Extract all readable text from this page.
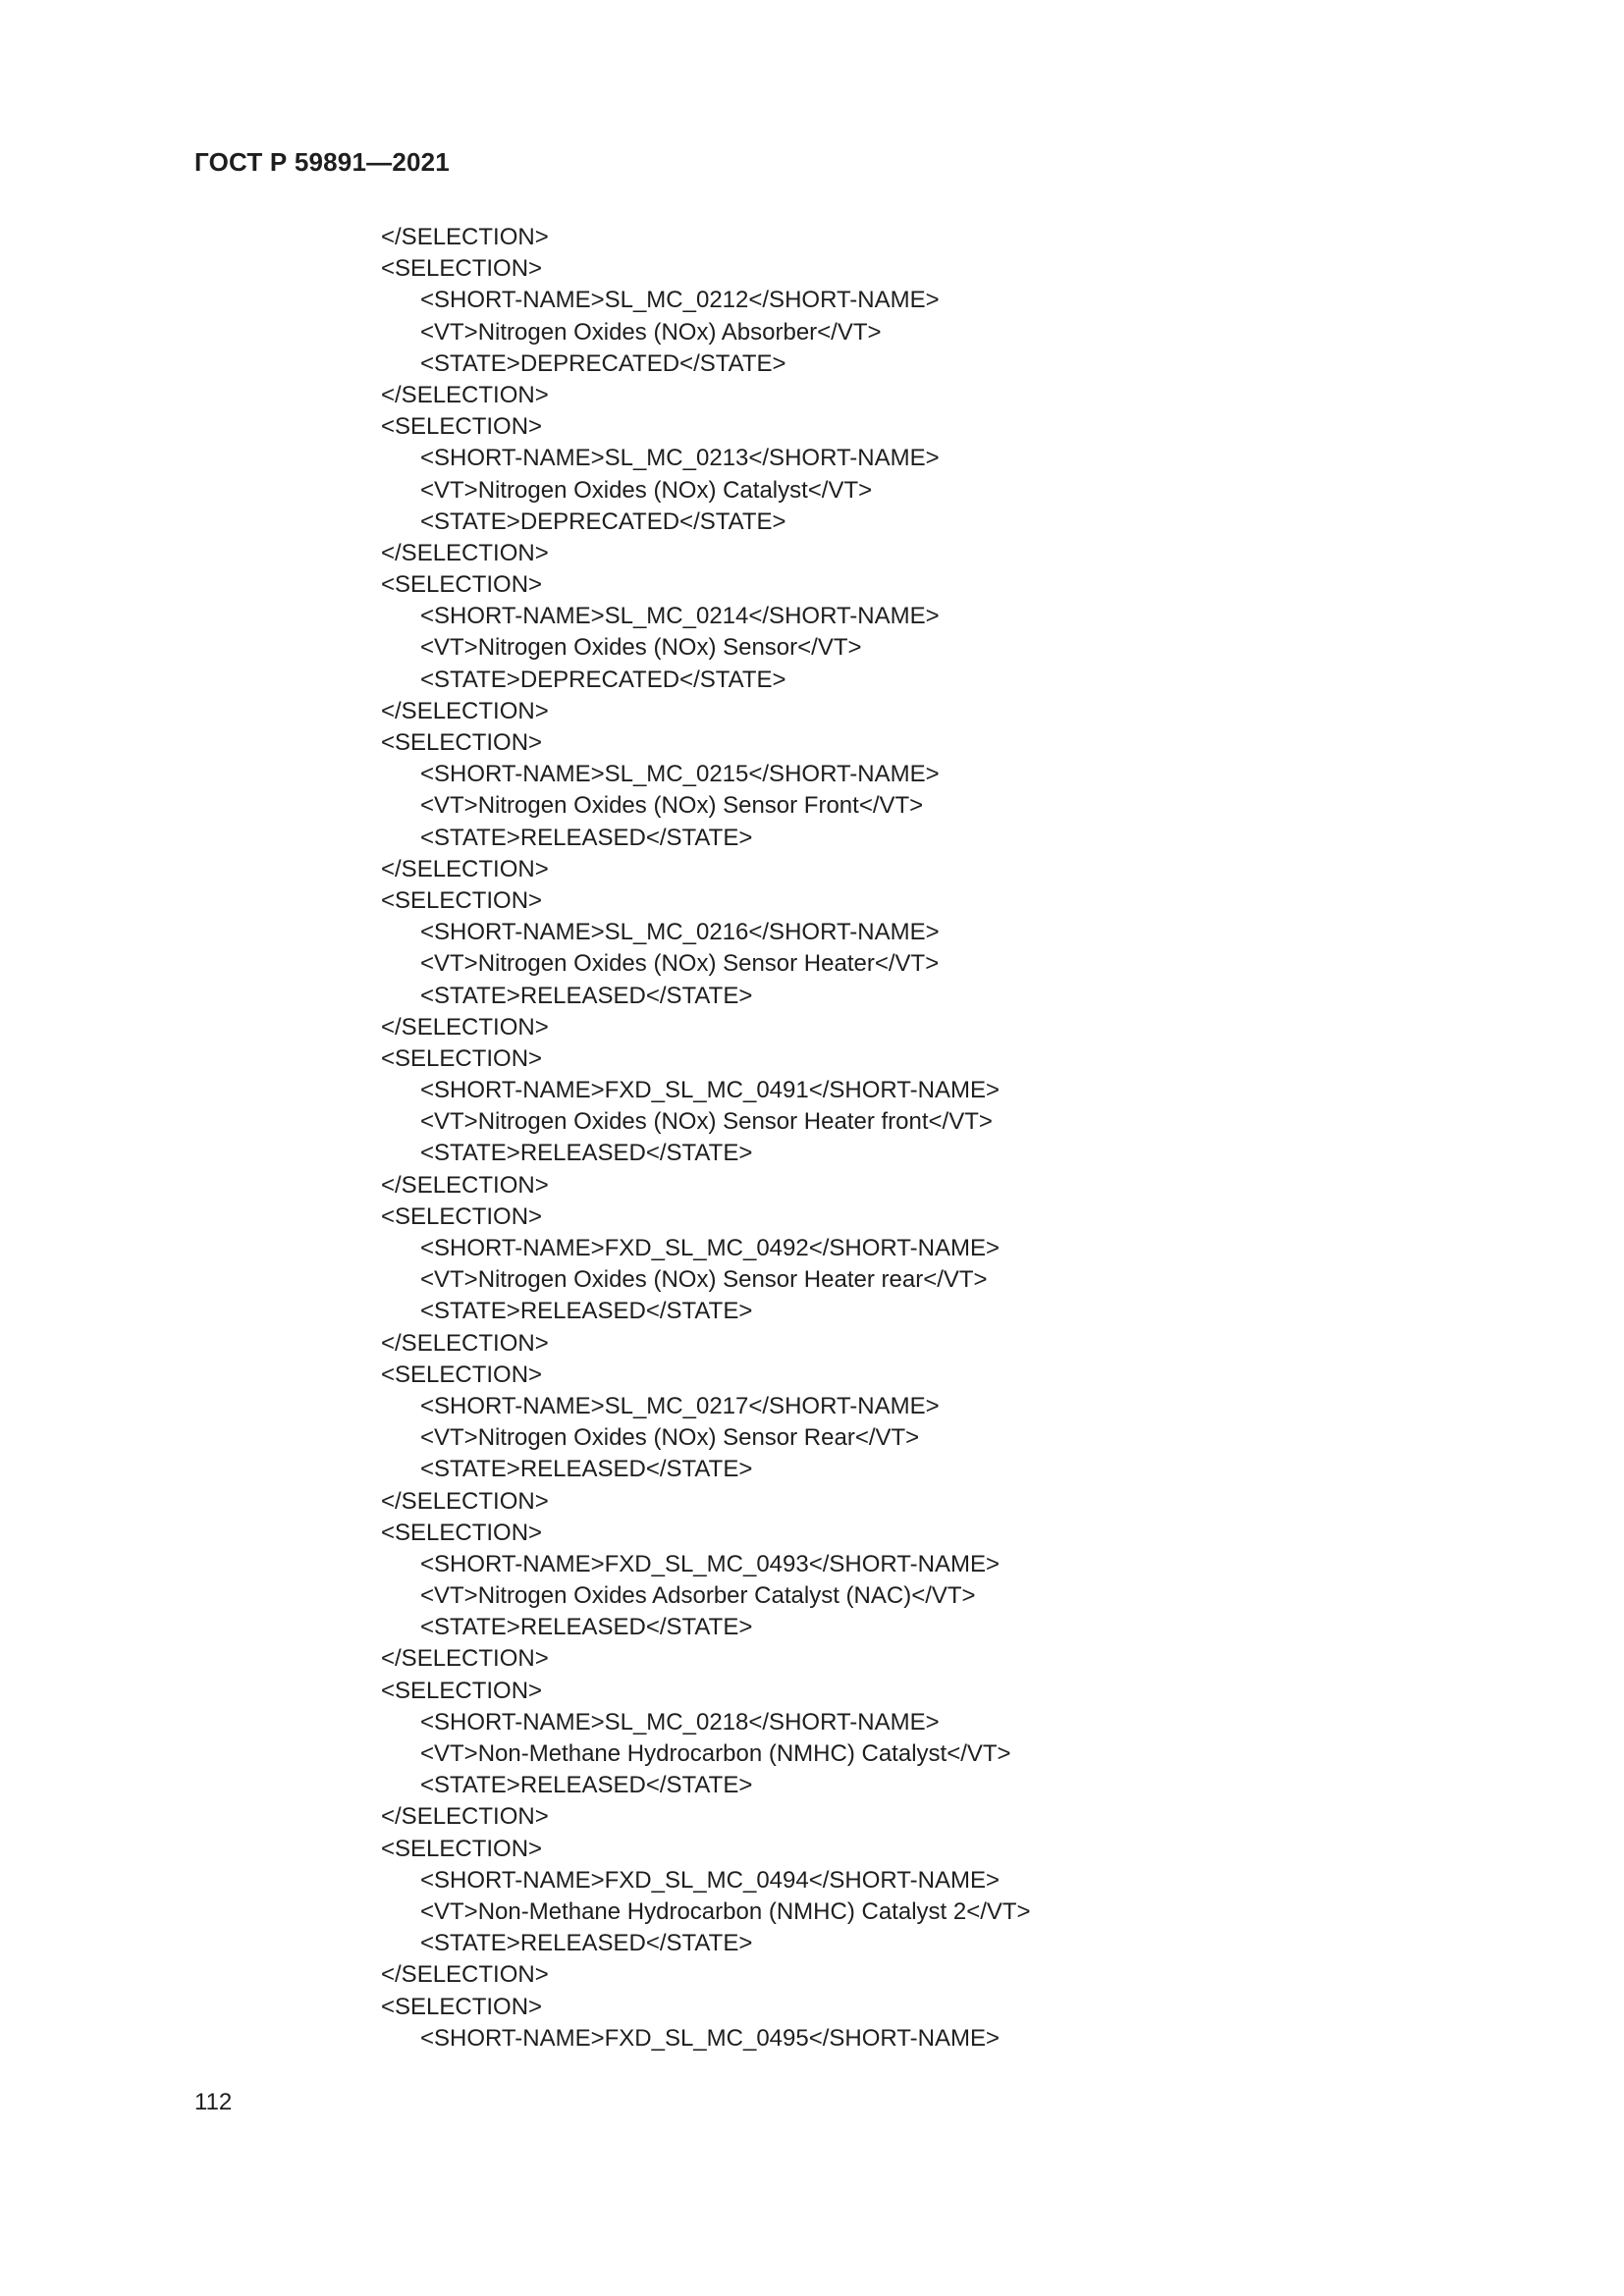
ГОСТ Р 59891—2021
</SELECTION>
<SELECTION>
<SHORT-NAME>SL_MC_0212</SHORT-NAME>
<VT>Nitrogen Oxides (NOx) Absorber</VT>
<STATE>DEPRECATED</STATE>
</SELECTION>
<SELECTION>
<SHORT-NAME>SL_MC_0213</SHORT-NAME>
<VT>Nitrogen Oxides (NOx) Catalyst</VT>
<STATE>DEPRECATED</STATE>
</SELECTION>
<SELECTION>
<SHORT-NAME>SL_MC_0214</SHORT-NAME>
<VT>Nitrogen Oxides (NOx) Sensor</VT>
<STATE>DEPRECATED</STATE>
</SELECTION>
<SELECTION>
<SHORT-NAME>SL_MC_0215</SHORT-NAME>
<VT>Nitrogen Oxides (NOx) Sensor Front</VT>
<STATE>RELEASED</STATE>
</SELECTION>
<SELECTION>
<SHORT-NAME>SL_MC_0216</SHORT-NAME>
<VT>Nitrogen Oxides (NOx) Sensor Heater</VT>
<STATE>RELEASED</STATE>
</SELECTION>
<SELECTION>
<SHORT-NAME>FXD_SL_MC_0491</SHORT-NAME>
<VT>Nitrogen Oxides (NOx) Sensor Heater front</VT>
<STATE>RELEASED</STATE>
</SELECTION>
<SELECTION>
<SHORT-NAME>FXD_SL_MC_0492</SHORT-NAME>
<VT>Nitrogen Oxides (NOx) Sensor Heater rear</VT>
<STATE>RELEASED</STATE>
</SELECTION>
<SELECTION>
<SHORT-NAME>SL_MC_0217</SHORT-NAME>
<VT>Nitrogen Oxides (NOx) Sensor Rear</VT>
<STATE>RELEASED</STATE>
</SELECTION>
<SELECTION>
<SHORT-NAME>FXD_SL_MC_0493</SHORT-NAME>
<VT>Nitrogen Oxides Adsorber Catalyst (NAC)</VT>
<STATE>RELEASED</STATE>
</SELECTION>
<SELECTION>
<SHORT-NAME>SL_MC_0218</SHORT-NAME>
<VT>Non-Methane Hydrocarbon (NMHC) Catalyst</VT>
<STATE>RELEASED</STATE>
</SELECTION>
<SELECTION>
<SHORT-NAME>FXD_SL_MC_0494</SHORT-NAME>
<VT>Non-Methane Hydrocarbon (NMHC) Catalyst 2</VT>
<STATE>RELEASED</STATE>
</SELECTION>
<SELECTION>
<SHORT-NAME>FXD_SL_MC_0495</SHORT-NAME>
112
